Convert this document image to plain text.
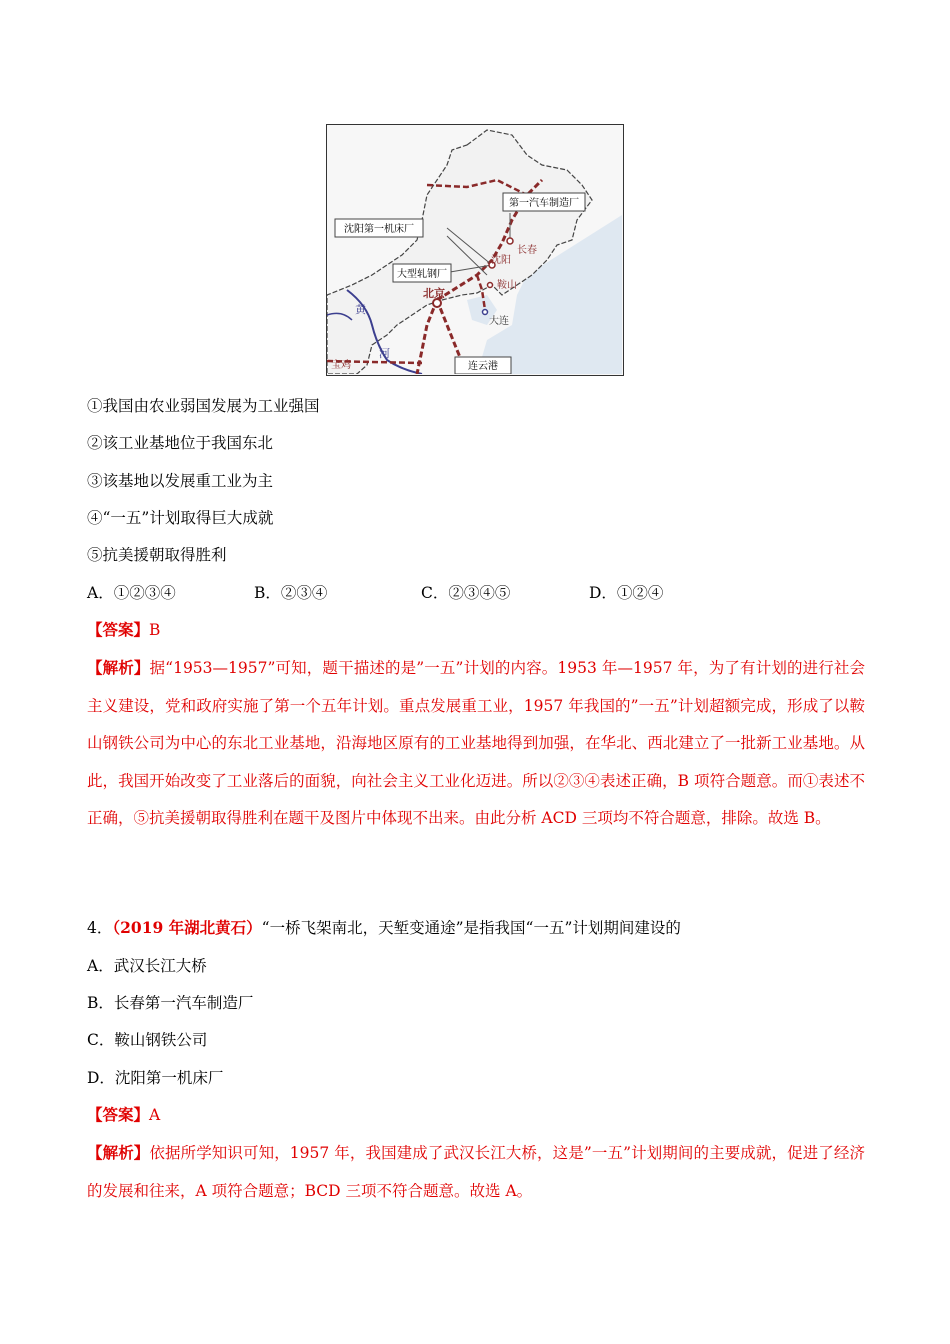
第一汽车制造厂
沈阳第一机床厂
大型轧钢厂
连云港
长春
沈阳
鞍山
北京
大连
宝鸡
黄
河
①我国由农业弱国发展为工业强国
②该工业基地位于我国东北
③该基地以发展重工业为主
④“一五”计划取得巨大成就
⑤抗美援朝取得胜利
A．①②③④	B．②③④	C．②③④⑤	D．①②④
【答案】B
【解析】据“1953—1957”可知，题干描述的是”一五”计划的内容。1953 年—1957 年，为了有计划的进行社会主义建设，党和政府实施了第一个五年计划。重点发展重工业，1957 年我国的”一五”计划超额完成，形成了以鞍山钢铁公司为中心的东北工业基地，沿海地区原有的工业基地得到加强，在华北、西北建立了一批新工业基地。从此，我国开始改变了工业落后的面貌，向社会主义工业化迈进。所以②③④表述正确，B 项符合题意。而①表述不正确，⑤抗美援朝取得胜利在题干及图片中体现不出来。由此分析 ACD 三项均不符合题意，排除。故选 B。
4．（2019 年湖北黄石）“一桥飞架南北，天堑变通途”是指我国“一五”计划期间建设的
A．武汉长江大桥
B．长春第一汽车制造厂
C．鞍山钢铁公司
D．沈阳第一机床厂
【答案】A
【解析】依据所学知识可知，1957 年，我国建成了武汉长江大桥，这是”一五”计划期间的主要成就，促进了经济的发展和往来，A 项符合题意；BCD 三项不符合题意。故选 A。
